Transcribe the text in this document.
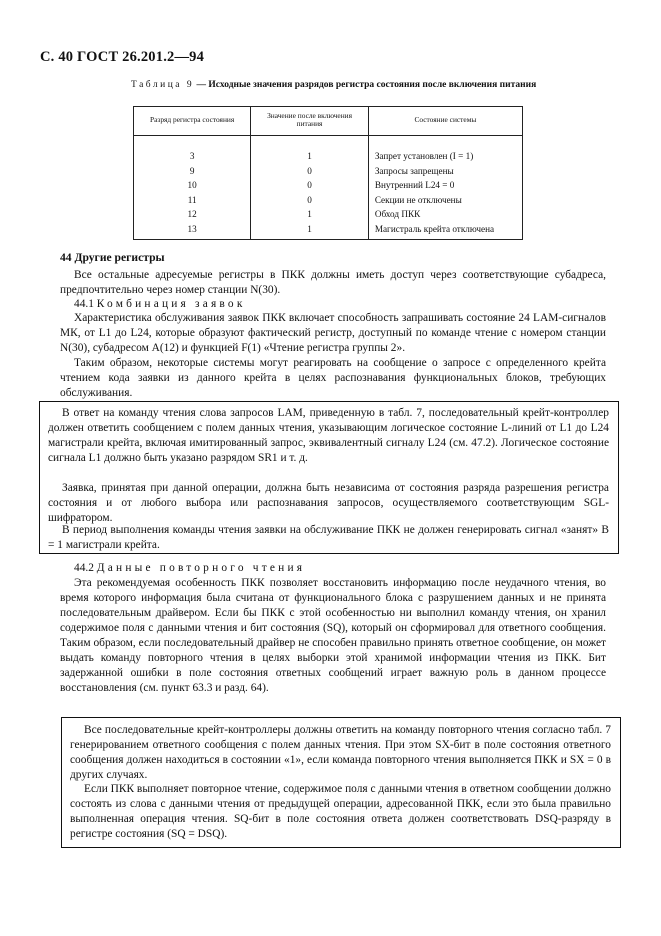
С. 40 ГОСТ 26.201.2—94
Таблица 9 — Исходные значения разрядов регистра состояния после включения питания
Разряд регистра состояния	Значение после включения питания	Состояние системы
3	1	Запрет установлен (I = 1)
9	0	Запросы запрещены
10	0	Внутренний L24 = 0
11	0	Секции не отключены
12	1	Обход ПКК
13	1	Магистраль крейта отключена
44 Другие регистры
Все остальные адресуемые регистры в ПКК должны иметь доступ через соответствующие субадреса, предпочтительно через номер станции N(30).
44.1 Комбинация заявок
Характеристика обслуживания заявок ПКК включает способность запрашивать состояние 24 LAM-сигналов МК, от L1 до L24, которые образуют фактический регистр, доступный по команде чтение с номером станции N(30), субадресом A(12) и функцией F(1) «Чтение регистра группы 2».
Таким образом, некоторые системы могут реагировать на сообщение о запросе с определенного крейта чтением кода заявки из данного крейта в целях распознавания функциональных блоков, требующих обслуживания.
В ответ на команду чтения слова запросов LAM, приведенную в табл. 7, последовательный крейт-контроллер должен ответить сообщением с полем данных чтения, указывающим логическое состояние L-линий от L1 до L24 магистрали крейта, включая имитированный запрос, эквивалентный сигналу L24 (см. 47.2). Логическое состояние сигнала L1 должно быть указано разрядом SR1 и т. д.
Заявка, принятая при данной операции, должна быть независима от состояния разряда разрешения регистра состояния и от любого выбора или распознавания запросов, осуществляемого соответствующим SGL-шифратором.
В период выполнения команды чтения заявки на обслуживание ПКК не должен генерировать сигнал «занят» В = 1 магистрали крейта.
44.2 Данные повторного чтения
Эта рекомендуемая особенность ПКК позволяет восстановить информацию после неудачного чтения, во время которого информация была считана от функционального блока с разрушением данных и не принята последовательным драйвером. Если бы ПКК с этой особенностью ни выполнил команду чтения, он хранил содержимое поля с данными чтения и бит состояния (SQ), который он сформировал для ответного сообщения. Таким образом, если последовательный драйвер не способен правильно принять ответное сообщение, он может выдать команду повторного чтения в целях выборки этой хранимой информации чтения из ПКК. Бит задержанной ошибки в поле состояния ответных сообщений играет важную роль в данном процессе восстановления (см. пункт 63.3 и разд. 64).
Все последовательные крейт-контроллеры должны ответить на команду повторного чтения согласно табл. 7 генерированием ответного сообщения с полем данных чтения. При этом SX-бит в поле состояния ответного сообщения должен находиться в состоянии «1», если команда повторного чтения выполняется ПКК и SX = 0 в других случаях.
Если ПКК выполняет повторное чтение, содержимое поля с данными чтения в ответном сообщении должно состоять из слова с данными чтения от предыдущей операции, адресованной ПКК, если это была правильно выполненная операция чтения. SQ-бит в поле состояния ответа должен соответствовать DSQ-разряду в регистре состояния (SQ = DSQ).
